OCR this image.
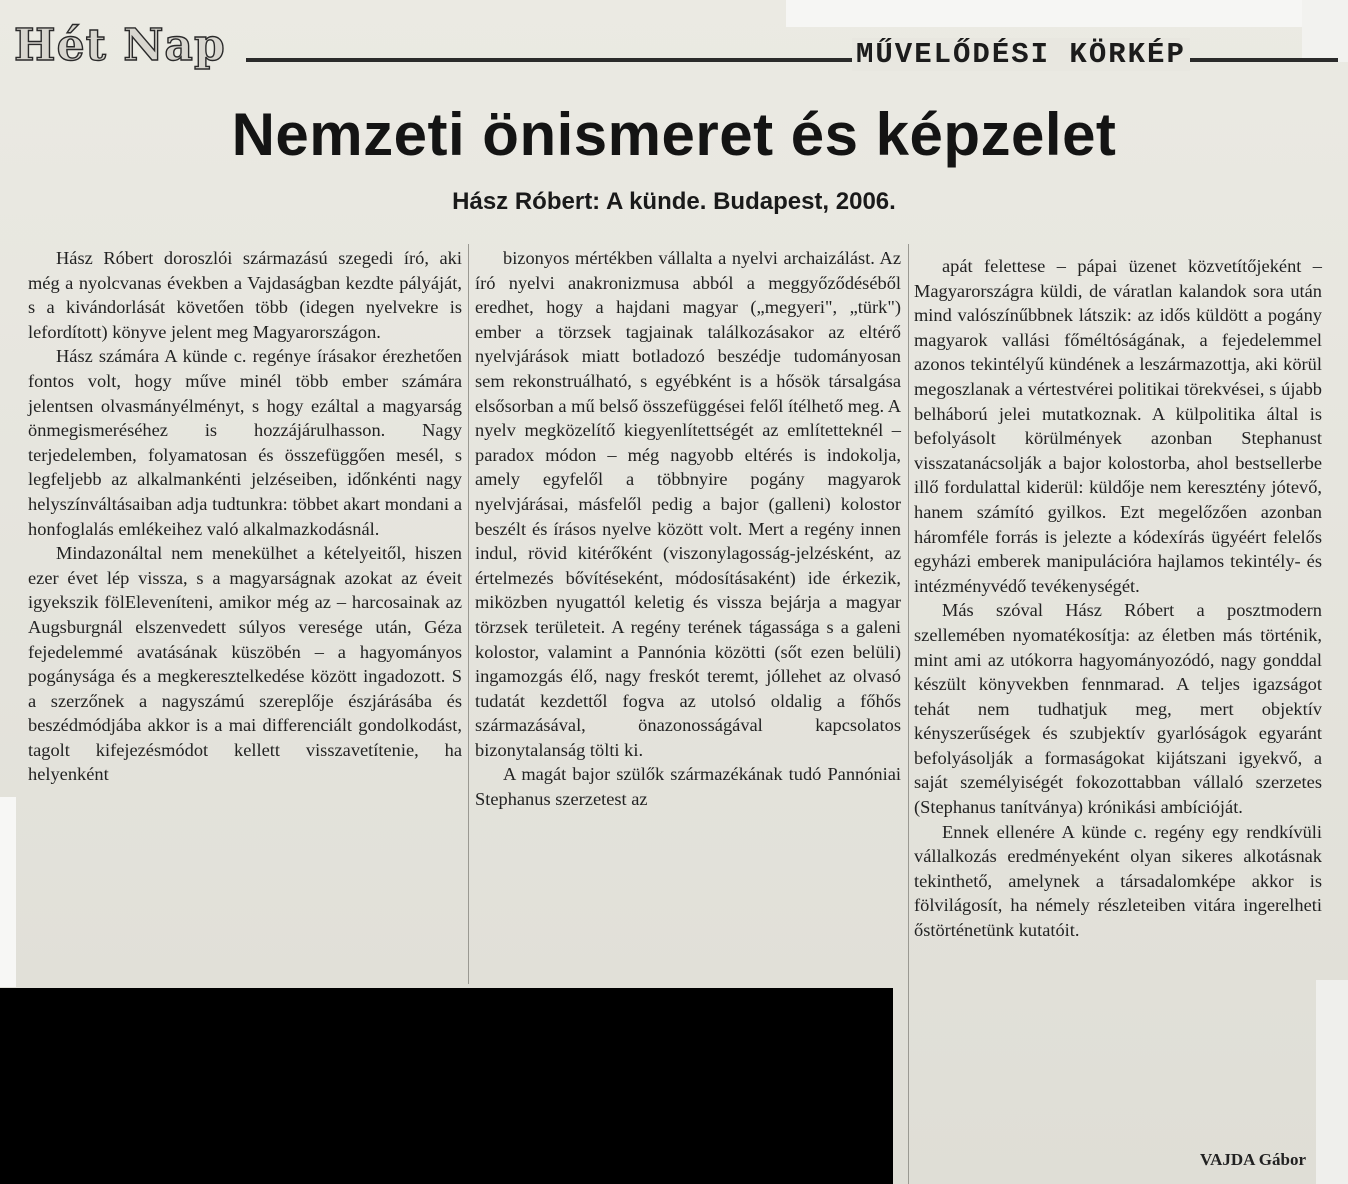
Hét Nap	MŰVELŐDÉSI KÖRKÉP
Nemzeti önismeret és képzelet
Hász Róbert: A künde. Budapest, 2006.

Hász Róbert doroszlói származású szegedi író, aki még a nyolcvanas években a Vajdaságban kezdte pályáját, s a kivándorlását követően több (idegen nyelvekre is lefordított) könyve jelent meg Magyarországon.

Hász számára A künde c. regénye írásakor érezhetően fontos volt, hogy műve minél több ember számára jelentsen olvasmányélményt, s hogy ezáltal a magyarság önmegismeréséhez is hozzájárulhasson. Nagy terjedelemben, folyamatosan és összefüggően mesél, s legfeljebb az alkalmankénti jelzéseiben, időnkénti nagy helyszínváltásaiban adja tudtunkra: többet akart mondani a honfoglalás emlékeihez való alkalmazkodásnál.

Mindazonáltal nem menekülhet a kételyeitől, hiszen ezer évet lép vissza, s a magyarságnak azokat az éveit igyekszik fölEleveníteni, amikor még az – harcosainak az Augsburgnál elszenvedett súlyos veresége után, Géza fejedelemmé avatásának küszöbén – a hagyományos pogánysága és a megkeresztelkedése között ingadozott. S a szerzőnek a nagyszámú szereplője észjárásába és beszédmódjába akkor is a mai differenciált gondolkodást, tagolt kifejezésmódot kellett visszavetítenie, ha helyenként

bizonyos mértékben vállalta a nyelvi archaizálást. Az író nyelvi anakronizmusa abból a meggyőződéséből eredhet, hogy a hajdani magyar („megyeri", „türk") ember a törzsek tagjainak találkozásakor az eltérő nyelvjárások miatt botladozó beszédje tudományosan sem rekonstruálható, s egyébként is a hősök társalgása elsősorban a mű belső összefüggései felől ítélhető meg. A nyelv megközelítő kiegyenlítettségét az említetteknél – paradox módon – még nagyobb eltérés is indokolja, amely egyfelől a többnyire pogány magyarok nyelvjárásai, másfelől pedig a bajor (galleni) kolostor beszélt és írásos nyelve között volt. Mert a regény innen indul, rövid kitérőként (viszonylagosság-jelzésként, az értelmezés bővítéseként, módosításaként) ide érkezik, miközben nyugattól keletig és vissza bejárja a magyar törzsek területeit. A regény terének tágassága s a galeni kolostor, valamint a Pannónia közötti (sőt ezen belüli) ingamozgás élő, nagy freskót teremt, jóllehet az olvasó tudatát kezdettől fogva az utolsó oldalig a főhős származásával, önazonosságával kapcsolatos bizonytalanság tölti ki.

A magát bajor szülők származékának tudó Pannóniai Stephanus szerzetest az

apát felettese – pápai üzenet közvetítőjeként – Magyarországra küldi, de váratlan kalandok sora után mind valószínűbbnek látszik: az idős küldött a pogány magyarok vallási főméltóságának, a fejedelemmel azonos tekintélyű kündének a leszármazottja, aki körül megoszlanak a vértestvérei politikai törekvései, s újabb belháború jelei mutatkoznak. A külpolitika által is befolyásolt körülmények azonban Stephanust visszatanácsolják a bajor kolostorba, ahol bestsellerbe illő fordulattal kiderül: küldője nem keresztény jótevő, hanem számító gyilkos. Ezt megelőzően azonban háromféle forrás is jelezte a kódexírás ügyéért felelős egyházi emberek manipulációra hajlamos tekintély- és intézményvédő tevékenységét.

Más szóval Hász Róbert a posztmodern szellemében nyomatékosítja: az életben más történik, mint ami az utókorra hagyományozódó, nagy gonddal készült könyvekben fennmarad. A teljes igazságot tehát nem tudhatjuk meg, mert objektív kényszerűségek és szubjektív gyarlóságok egyaránt befolyásolják a formaságokat kijátszani igyekvő, a saját személyiségét fokozottabban vállaló szerzetes (Stephanus tanítványa) krónikási ambícióját.

Ennek ellenére A künde c. regény egy rendkívüli vállalkozás eredményeként olyan sikeres alkotásnak tekinthető, amelynek a társadalomképe akkor is fölvilágosít, ha némely részleteiben vitára ingerelheti őstörténetünk kutatóit.

VAJDA Gábor
